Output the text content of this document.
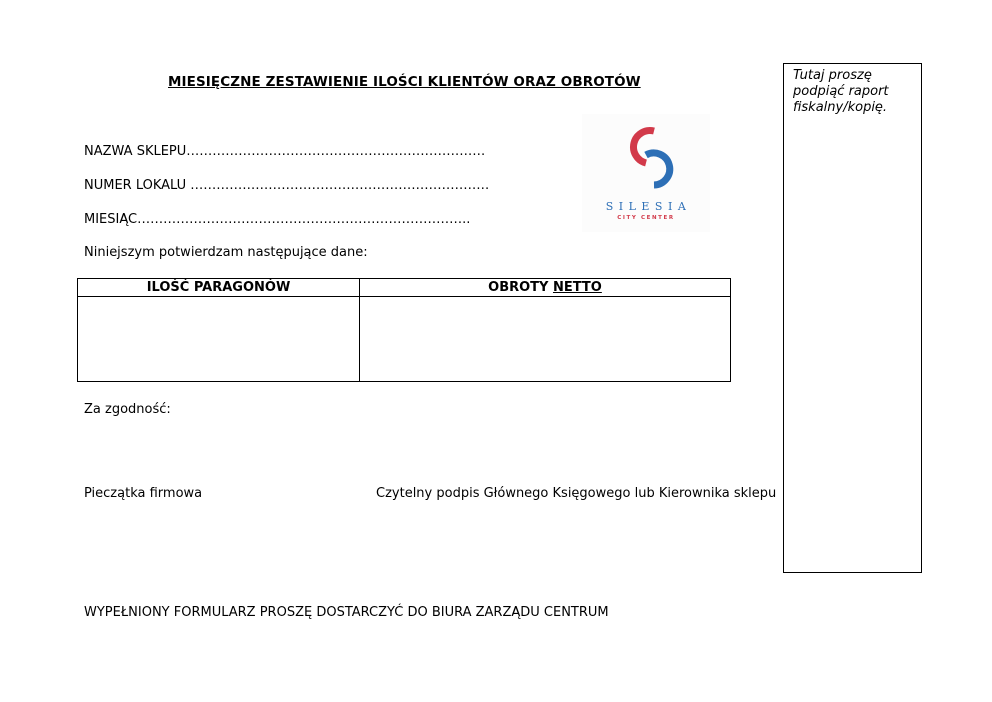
MIESIĘCZNE ZESTAWIENIE ILOŚCI KLIENTÓW ORAZ OBROTÓW
NAZWA SKLEPU……………………………………………………………
NUMER LOKALU ……………………………………………………………
MIESIĄC…………………………………………………………………..
SILESIA
CITY CENTER
Niniejszym potwierdzam następujące dane:
ILOŚĆ PARAGONÓW	OBROTY NETTO
Za zgodność:
Pieczątka firmowa	Czytelny podpis Głównego Księgowego lub Kierownika sklepu
WYPEŁNIONY FORMULARZ PROSZĘ DOSTARCZYĆ DO BIURA ZARZĄDU CENTRUM
Tutaj proszę podpiąć raport fiskalny/kopię.
